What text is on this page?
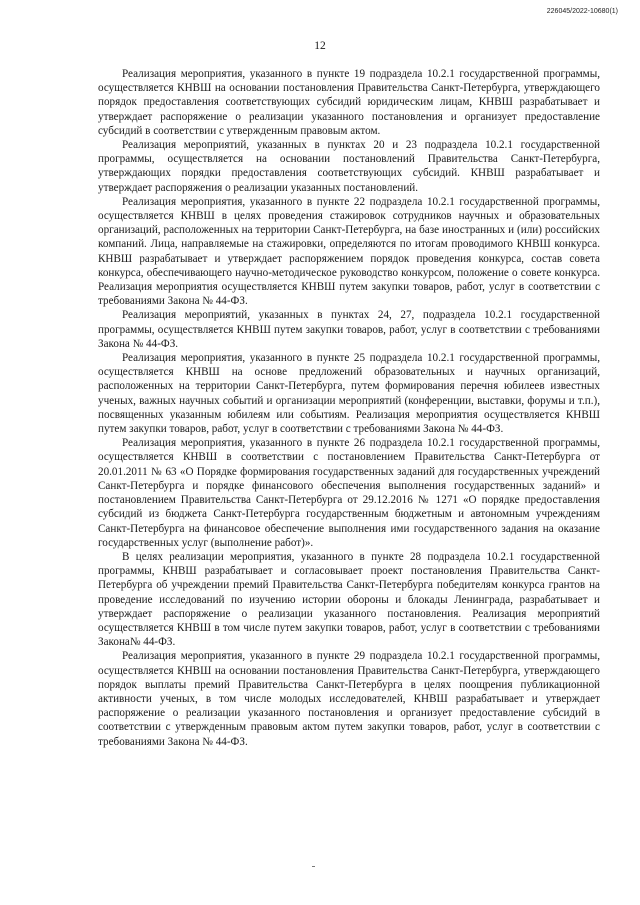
226045/2022-10680(1)
12

Реализация мероприятия, указанного в пункте 19 подраздела 10.2.1 государственной программы, осуществляется КНВШ на основании постановления Правительства Санкт-Петербурга, утверждающего порядок предоставления соответствующих субсидий юридическим лицам, КНВШ разрабатывает и утверждает распоряжение о реализации указанного постановления и организует предоставление субсидий в соответствии с утвержденным правовым актом.

Реализация мероприятий, указанных в пунктах 20 и 23 подраздела 10.2.1 государственной программы, осуществляется на основании постановлений Правительства Санкт-Петербурга, утверждающих порядки предоставления соответствующих субсидий. КНВШ разрабатывает и утверждает распоряжения о реализации указанных постановлений.

Реализация мероприятия, указанного в пункте 22 подраздела 10.2.1 государственной программы, осуществляется КНВШ в целях проведения стажировок сотрудников научных и образовательных организаций, расположенных на территории Санкт-Петербурга, на базе иностранных и (или) российских компаний. Лица, направляемые на стажировки, определяются по итогам проводимого КНВШ конкурса. КНВШ разрабатывает и утверждает распоряжением порядок проведения конкурса, состав совета конкурса, обеспечивающего научно-методическое руководство конкурсом, положение о совете конкурса. Реализация мероприятия осуществляется КНВШ путем закупки товаров, работ, услуг в соответствии с требованиями Закона № 44-ФЗ.

Реализация мероприятий, указанных в пунктах 24, 27, подраздела 10.2.1 государственной программы, осуществляется КНВШ путем закупки товаров, работ, услуг в соответствии с требованиями Закона № 44-ФЗ.

Реализация мероприятия, указанного в пункте 25 подраздела 10.2.1 государственной программы, осуществляется КНВШ на основе предложений образовательных и научных организаций, расположенных на территории Санкт-Петербурга, путем формирования перечня юбилеев известных ученых, важных научных событий и организации мероприятий (конференции, выставки, форумы и т.п.), посвященных указанным юбилеям или событиям. Реализация мероприятия осуществляется КНВШ путем закупки товаров, работ, услуг в соответствии с требованиями Закона № 44-ФЗ.

Реализация мероприятия, указанного в пункте 26 подраздела 10.2.1 государственной программы, осуществляется КНВШ в соответствии с постановлением Правительства Санкт-Петербурга от 20.01.2011 № 63 «О Порядке формирования государственных заданий для государственных учреждений Санкт-Петербурга и порядке финансового обеспечения выполнения государственных заданий» и постановлением Правительства Санкт-Петербурга от 29.12.2016 № 1271 «О порядке предоставления субсидий из бюджета Санкт-Петербурга государственным бюджетным и автономным учреждениям Санкт-Петербурга на финансовое обеспечение выполнения ими государственного задания на оказание государственных услуг (выполнение работ)».

В целях реализации мероприятия, указанного в пункте 28 подраздела 10.2.1 государственной программы, КНВШ разрабатывает и согласовывает проект постановления Правительства Санкт-Петербурга об учреждении премий Правительства Санкт-Петербурга победителям конкурса грантов на проведение исследований по изучению истории обороны и блокады Ленинграда, разрабатывает и утверждает распоряжение о реализации указанного постановления. Реализация мероприятий осуществляется КНВШ в том числе путем закупки товаров, работ, услуг в соответствии с требованиями Закона№ 44-ФЗ.

Реализация мероприятия, указанного в пункте 29 подраздела 10.2.1 государственной программы, осуществляется КНВШ на основании постановления Правительства Санкт-Петербурга, утверждающего порядок выплаты премий Правительства Санкт-Петербурга в целях поощрения публикационной активности ученых, в том числе молодых исследователей, КНВШ разрабатывает и утверждает распоряжение о реализации указанного постановления и организует предоставление субсидий в соответствии с утвержденным правовым актом путем закупки товаров, работ, услуг в соответствии с требованиями Закона № 44-ФЗ.
